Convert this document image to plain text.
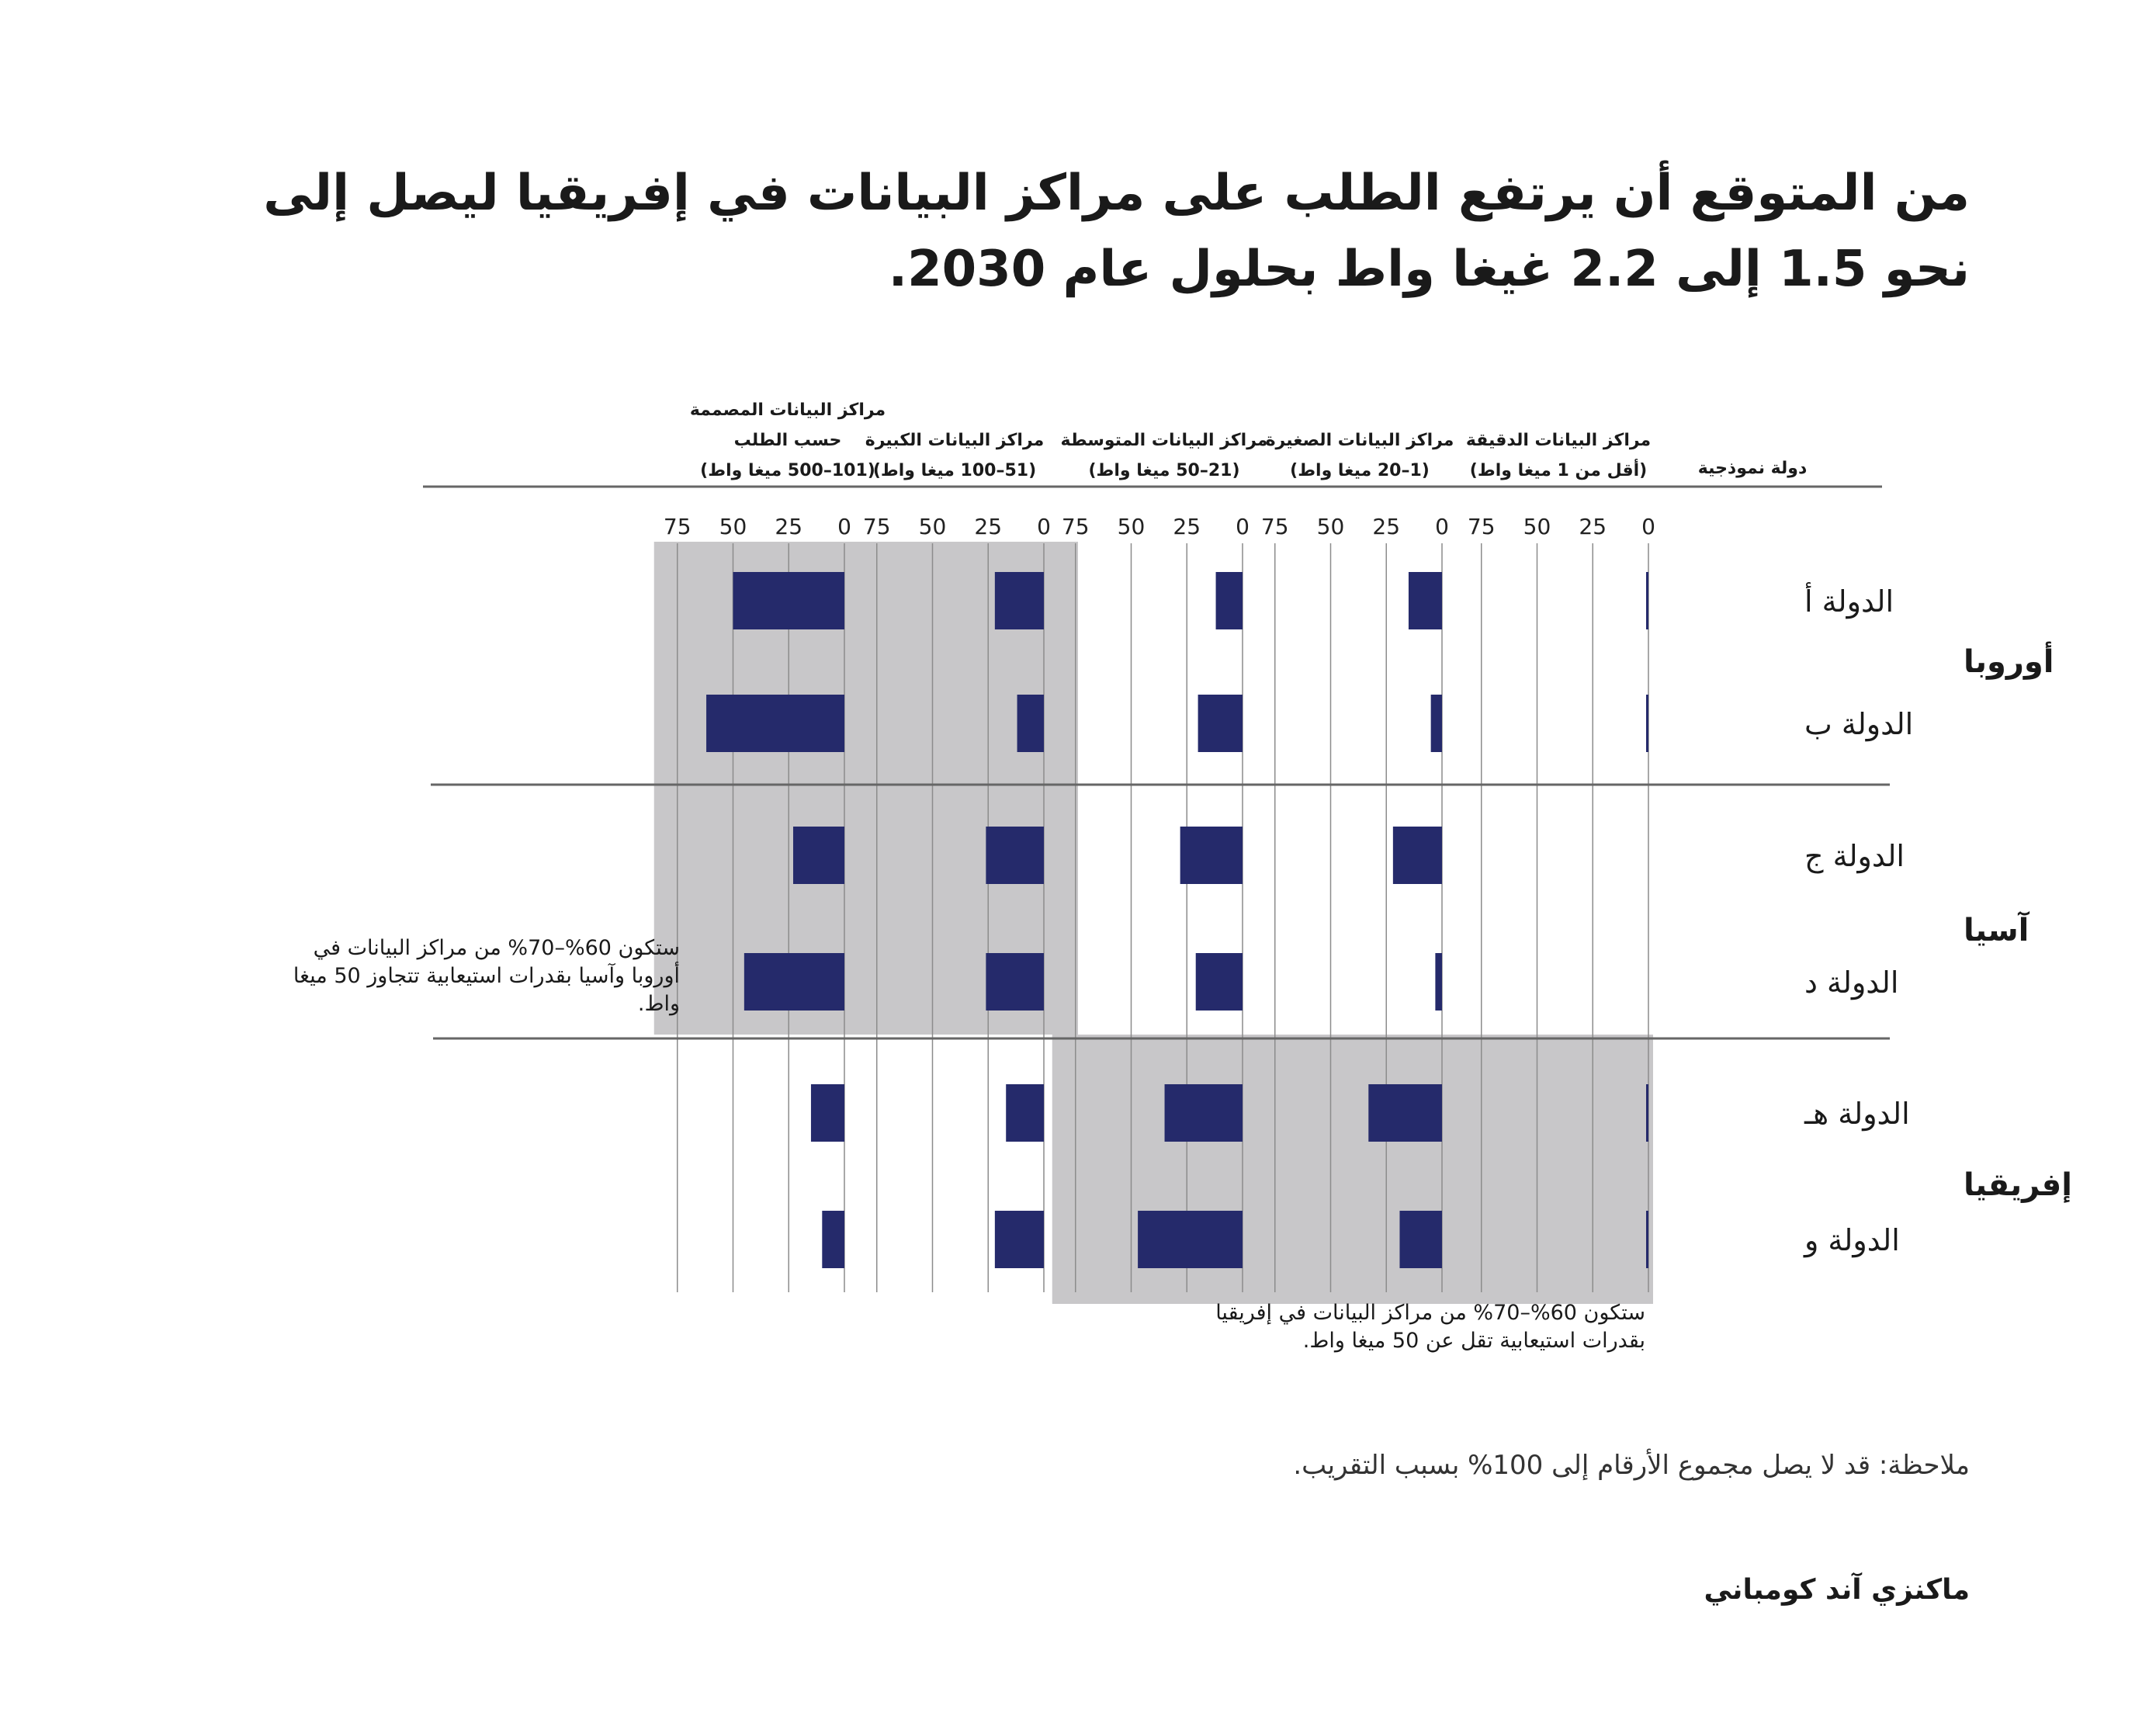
من المتوقع أن يرتفع الطلب على مراكز البيانات في إفريقيا ليصل إلى نحو 1.5 إلى 2.2 غيغا واط بحلول عام 2030.
0
25
50
75
0
25
50
75
0
25
50
75
0
25
50
75
0
25
50
75
مراكز البيانات الدقيقة
(أقل من 1 ميغا واط)
مراكز البيانات الصغيرة
(1–20 ميغا واط)
مراكز البيانات المتوسطة
(21–50 ميغا واط)
مراكز البيانات الكبيرة
(51–100 ميغا واط)
مراكز البيانات المصممة
حسب الطلب
(101–500 ميغا واط)	دولة نموذجية
الدولة أ
الدولة ب
الدولة ج
الدولة د
الدولة هـ
الدولة و
أوروبا
آسيا
إفريقيا

ستكون 60%–70% من مراكز البيانات في أوروبا وآسيا بقدرات استيعابية تتجاوز 50 ميغا واط.

ستكون 60%–70% من مراكز البيانات في إفريقيا بقدرات استيعابية تقل عن 50 ميغا واط.

ملاحظة: قد لا يصل مجموع الأرقام إلى 100% بسبب التقريب.

ماكنزي آند كومباني
